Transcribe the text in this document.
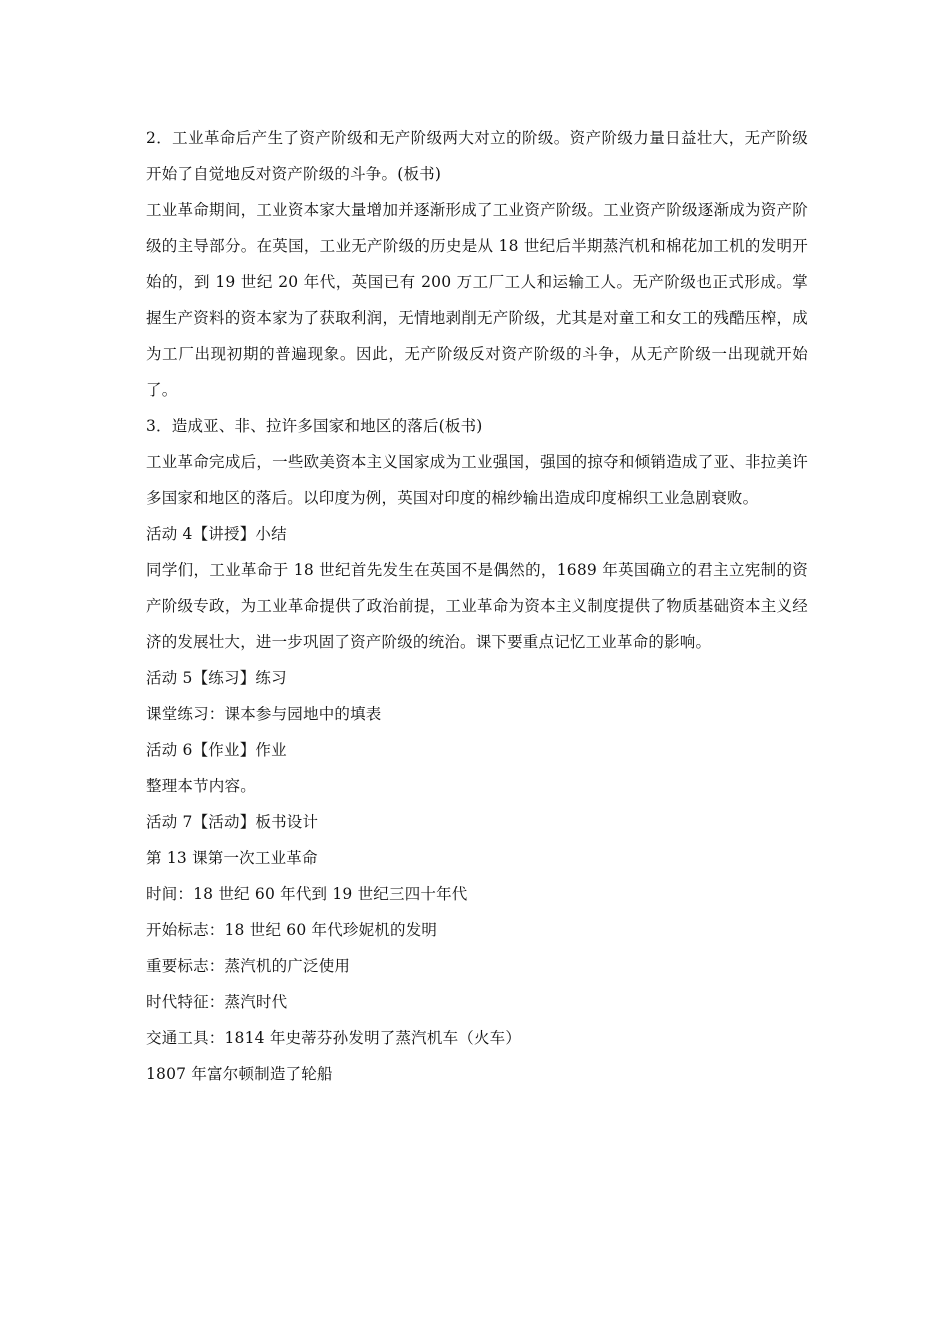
2．工业革命后产生了资产阶级和无产阶级两大对立的阶级。资产阶级力量日益壮大，无产阶级开始了自觉地反对资产阶级的斗争。(板书)

工业革命期间，工业资本家大量增加并逐渐形成了工业资产阶级。工业资产阶级逐渐成为资产阶级的主导部分。在英国，工业无产阶级的历史是从 18 世纪后半期蒸汽机和棉花加工机的发明开始的，到 19 世纪 20 年代，英国已有 200 万工厂工人和运输工人。无产阶级也正式形成。掌握生产资料的资本家为了获取利润，无情地剥削无产阶级，尤其是对童工和女工的残酷压榨，成为工厂出现初期的普遍现象。因此，无产阶级反对资产阶级的斗争，从无产阶级一出现就开始了。

3．造成亚、非、拉许多国家和地区的落后(板书)

工业革命完成后，一些欧美资本主义国家成为工业强国，强国的掠夺和倾销造成了亚、非拉美许多国家和地区的落后。以印度为例，英国对印度的棉纱输出造成印度棉织工业急剧衰败。

活动 4【讲授】小结

同学们，工业革命于 18 世纪首先发生在英国不是偶然的，1689 年英国确立的君主立宪制的资产阶级专政，为工业革命提供了政治前提，工业革命为资本主义制度提供了物质基础资本主义经济的发展壮大，进一步巩固了资产阶级的统治。课下要重点记忆工业革命的影响。

活动 5【练习】练习

课堂练习：课本参与园地中的填表

活动 6【作业】作业

整理本节内容。

活动 7【活动】板书设计

第 13 课第一次工业革命

时间：18 世纪 60 年代到 19 世纪三四十年代

开始标志：18 世纪 60 年代珍妮机的发明

重要标志：蒸汽机的广泛使用

时代特征：蒸汽时代

交通工具：1814 年史蒂芬孙发明了蒸汽机车（火车）

1807 年富尔顿制造了轮船
